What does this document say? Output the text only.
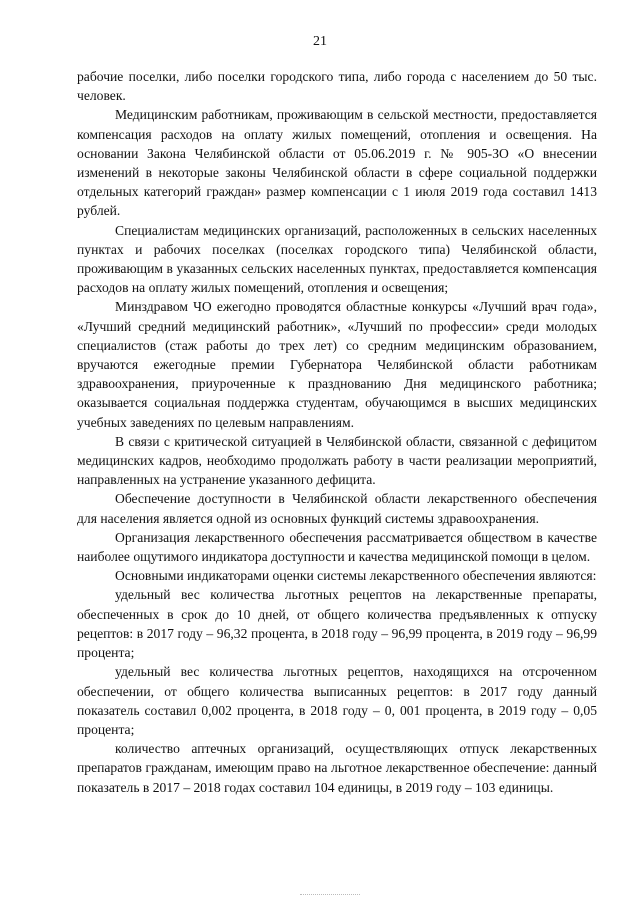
21

рабочие поселки, либо поселки городского типа, либо города с населением до 50 тыс. человек.

Медицинским работникам, проживающим в сельской местности, предоставляется компенсация расходов на оплату жилых помещений, отопления и освещения. На основании Закона Челябинской области от 05.06.2019 г. № 905-ЗО «О внесении изменений в некоторые законы Челябинской области в сфере социальной поддержки отдельных категорий граждан» размер компенсации с 1 июля 2019 года составил 1413 рублей.

Специалистам медицинских организаций, расположенных в сельских населенных пунктах и рабочих поселках (поселках городского типа) Челябинской области, проживающим в указанных сельских населенных пунктах, предоставляется компенсация расходов на оплату жилых помещений, отопления и освещения;

Минздравом ЧО ежегодно проводятся областные конкурсы «Лучший врач года», «Лучший средний медицинский работник», «Лучший по профессии» среди молодых специалистов (стаж работы до трех лет) со средним медицинским образованием, вручаются ежегодные премии Губернатора Челябинской области работникам здравоохранения, приуроченные к празднованию Дня медицинского работника; оказывается социальная поддержка студентам, обучающимся в высших медицинских учебных заведениях по целевым направлениям.

В связи с критической ситуацией в Челябинской области, связанной с дефицитом медицинских кадров, необходимо продолжать работу в части реализации мероприятий, направленных на устранение указанного дефицита.

Обеспечение доступности в Челябинской области лекарственного обеспечения для населения является одной из основных функций системы здравоохранения.

Организация лекарственного обеспечения рассматривается обществом в качестве наиболее ощутимого индикатора доступности и качества медицинской помощи в целом.

Основными индикаторами оценки системы лекарственного обеспечения являются:

удельный вес количества льготных рецептов на лекарственные препараты, обеспеченных в срок до 10 дней, от общего количества предъявленных к отпуску рецептов: в 2017 году – 96,32 процента, в 2018 году – 96,99 процента, в 2019 году – 96,99 процента;

удельный вес количества льготных рецептов, находящихся на отсроченном обеспечении, от общего количества выписанных рецептов: в 2017 году данный показатель составил 0,002 процента, в 2018 году – 0, 001 процента, в 2019 году – 0,05 процента;

количество аптечных организаций, осуществляющих отпуск лекарственных препаратов гражданам, имеющим право на льготное лекарственное обеспечение: данный показатель в 2017 – 2018 годах составил 104 единицы, в 2019 году – 103 единицы.
